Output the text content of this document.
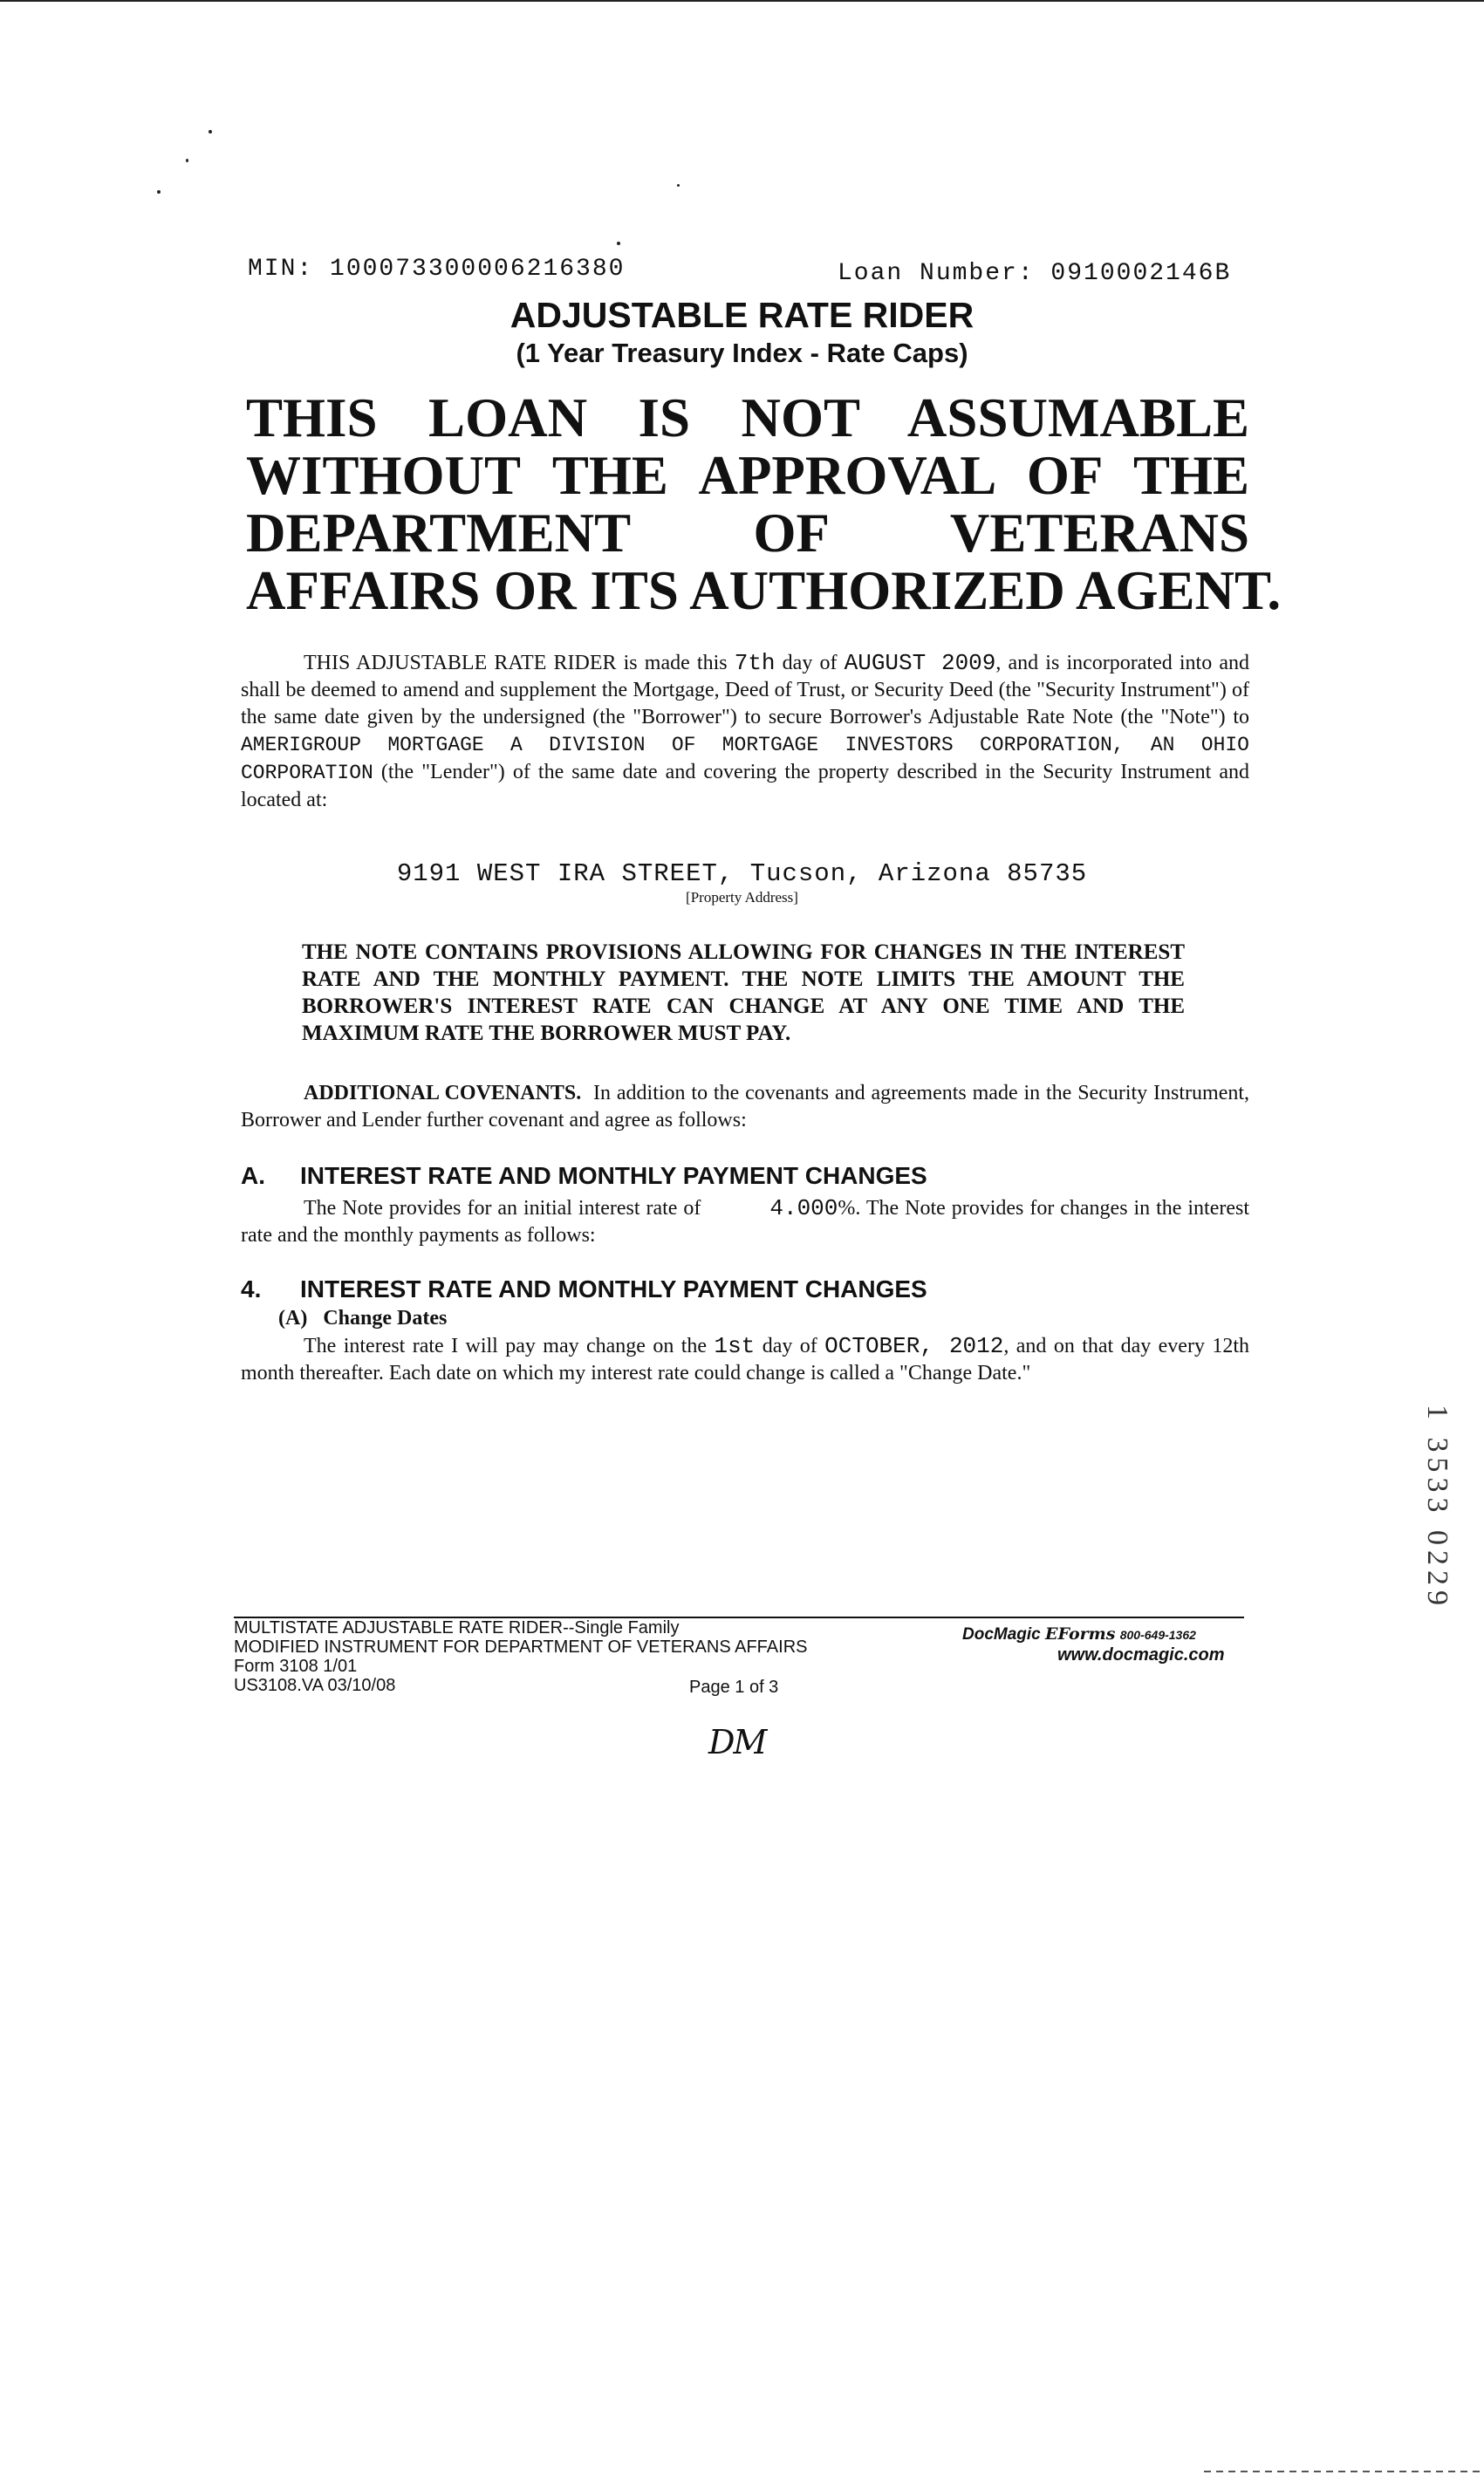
MIN: 100073300006216380	Loan Number: 0910002146B
ADJUSTABLE RATE RIDER
(1 Year Treasury Index - Rate Caps)
THIS LOAN IS NOT ASSUMABLE
WITHOUT THE APPROVAL OF THE
DEPARTMENT OF VETERANS
AFFAIRS OR ITS AUTHORIZED AGENT.
   THIS ADJUSTABLE RATE RIDER is made this 7th day of AUGUST 2009, and is incorporated into and shall be deemed to amend and supplement the Mortgage, Deed of Trust, or Security Deed (the "Security Instrument") of the same date given by the undersigned (the "Borrower") to secure Borrower's Adjustable Rate Note (the "Note") to AMERIGROUP MORTGAGE A DIVISION OF MORTGAGE INVESTORS CORPORATION, AN OHIO CORPORATION (the "Lender") of the same date and covering the property described in the Security Instrument and located at:
9191 WEST IRA STREET, Tucson, Arizona 85735
[Property Address]
THE NOTE CONTAINS PROVISIONS ALLOWING FOR CHANGES IN THE INTEREST RATE AND THE MONTHLY PAYMENT. THE NOTE LIMITS THE AMOUNT THE BORROWER'S INTEREST RATE CAN CHANGE AT ANY ONE TIME AND THE MAXIMUM RATE THE BORROWER MUST PAY.
   ADDITIONAL COVENANTS. In addition to the covenants and agreements made in the Security Instrument, Borrower and Lender further covenant and agree as follows:
A. INTEREST RATE AND MONTHLY PAYMENT CHANGES
   The Note provides for an initial interest rate of    	4.000%. The Note provides for changes in the interest rate and the monthly payments as follows:
4. INTEREST RATE AND MONTHLY PAYMENT CHANGES
(A)   Change Dates
   The interest rate I will pay may change on the 1st day of OCTOBER, 2012, and on that day every 12th month thereafter. Each date on which my interest rate could change is called a "Change Date."
1 3533 0229
MULTISTATE ADJUSTABLE RATE RIDER--Single Family
MODIFIED INSTRUMENT FOR DEPARTMENT OF VETERANS AFFAIRS
Form 3108 1/01
US3108.VA 03/10/08	Page 1 of 3
DocMagic EForms 800-649-1362
www.docmagic.com
DM
